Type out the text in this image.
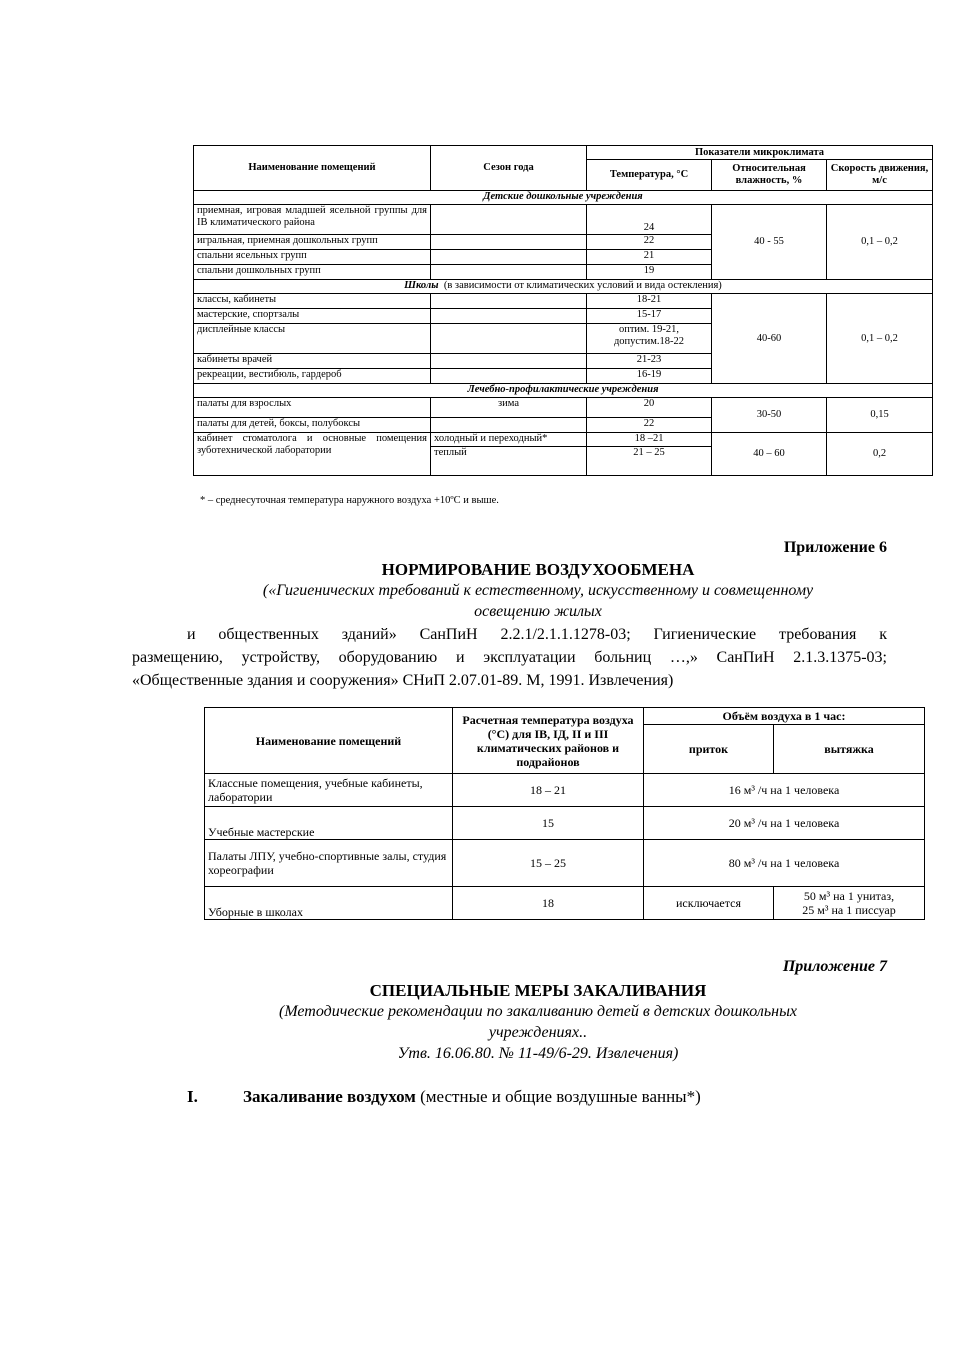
Наименование помещений	Сезон года	Показатели микроклимата		
		Температура, °С	Относительная влажность, %	Скорость движения, м/с
Детские дошкольные учреждения				
приемная, игровая младшей ясельной группы для IB климатического района		24	40 - 55	0,1 – 0,2
игральная, приемная дошкольных групп		22		
спальни ясельных групп		21		
спальни дошкольных групп		19		
Школы (в зависимости от климатических условий и вида остекления)				
классы, кабинеты		18-21	40-60	0,1 – 0,2
мастерские, спортзалы		15-17		
дисплейные классы		оптим. 19-21, допустим.18-22		
кабинеты врачей		21-23		
рекреации, вестибюль, гардероб		16-19		
Лечебно-профилактические учреждения				
палаты для взрослых	зима	20	30-50	0,15
палаты для детей, боксы, полубоксы		22		
кабинет стоматолога и основные помещения зуботехнической лаборатории	холодный и переходный*	18 –21	40 – 60	0,2
	теплый	21 – 25		
* – среднесуточная температура наружного воздуха +10ºС и выше.
Приложение 6
НОРМИРОВАНИЕ ВОЗДУХООБМЕНА
(«Гигиенических требований к естественному, искусственному и совмещенному
освещению жилых
и общественных зданий» СанПиН 2.2.1/2.1.1.1278-03; Гигиенические требования к
размещению, устройству, оборудованию и эксплуатации больниц …,» СанПиН 2.1.3.1375-03;
«Общественные здания и сооружения» СНиП 2.07.01-89. М, 1991. Извлечения)
Наименование помещений	Расчетная температура воздуха (°С) для IB, IД, II и III климатических районов и подрайонов	Объём воздуха в 1 час:	
		приток	вытяжка
Классные помещения, учебные кабинеты, лаборатории	18 – 21	16 м³ /ч на 1 человека	
Учебные мастерские	15	20 м³ /ч на 1 человека	
Палаты ЛПУ, учебно-спортивные залы, студия хореографии	15 – 25	80 м³ /ч на 1 человека	
Уборные в школах	18	исключается	50 м³ на 1 унитаз,
25 м³ на 1 писсуар
Приложение 7
СПЕЦИАЛЬНЫЕ МЕРЫ ЗАКАЛИВАНИЯ
(Методические рекомендации по закаливанию детей в детских дошкольных
учреждениях..
Утв. 16.06.80. № 11-49/6-29. Извлечения)
I.	Закаливание воздухом (местные и общие воздушные ванны*)
